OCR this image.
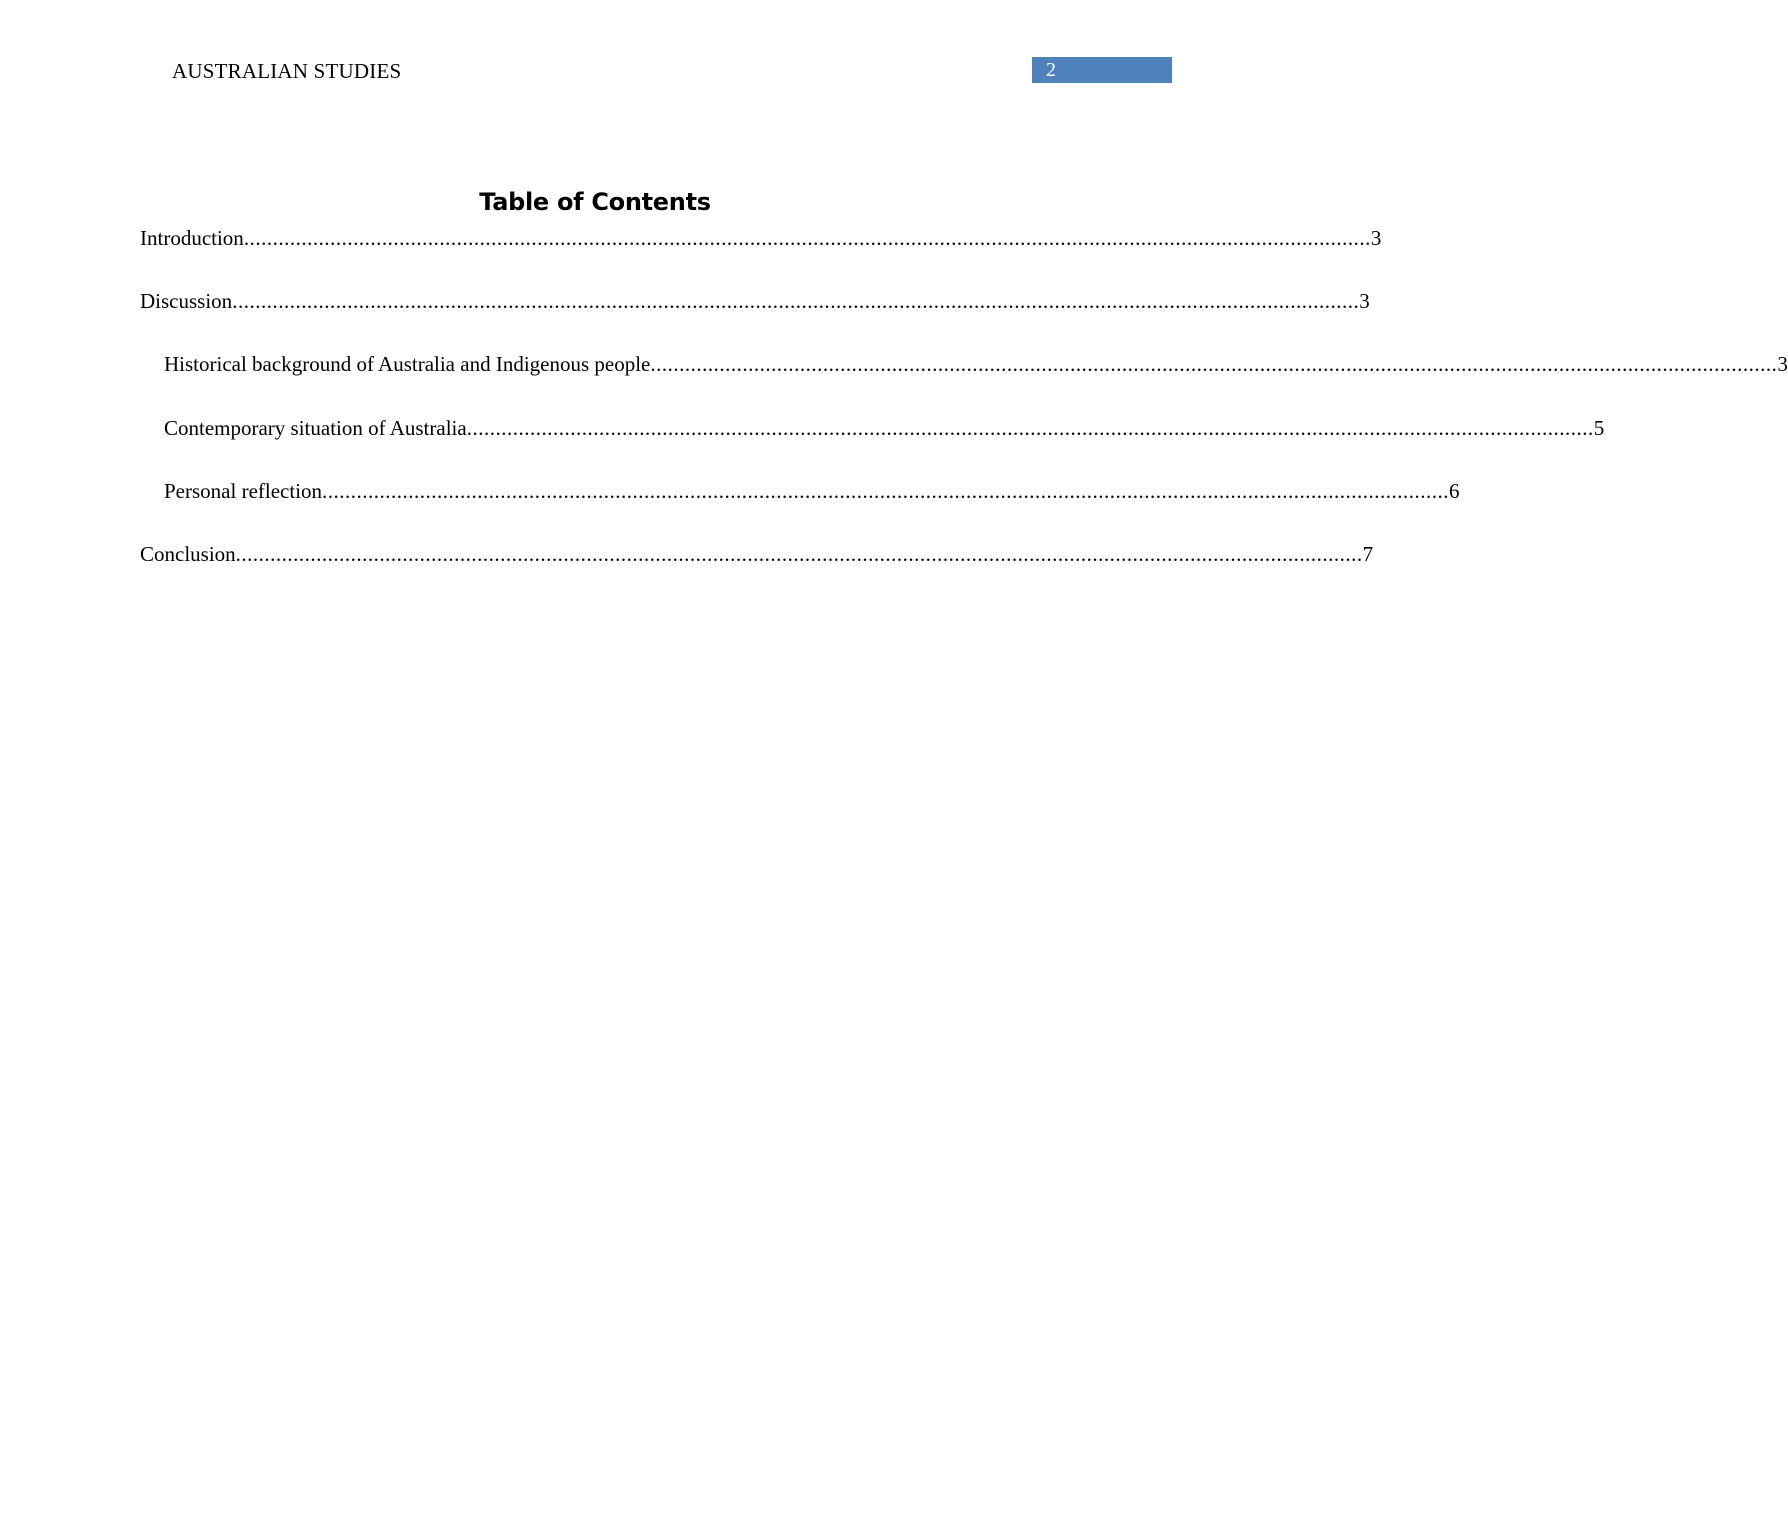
AUSTRALIAN STUDIES	2
Table of Contents
Introduction .................................................................................................................................................................................................... 3
Discussion .................................................................................................................................................................................................... 3
Historical background of Australia and Indigenous people .................................................................................................................................................................................................... 3
Contemporary situation of Australia .................................................................................................................................................................................................... 5
Personal reflection .................................................................................................................................................................................................... 6
Conclusion .................................................................................................................................................................................................... 7
